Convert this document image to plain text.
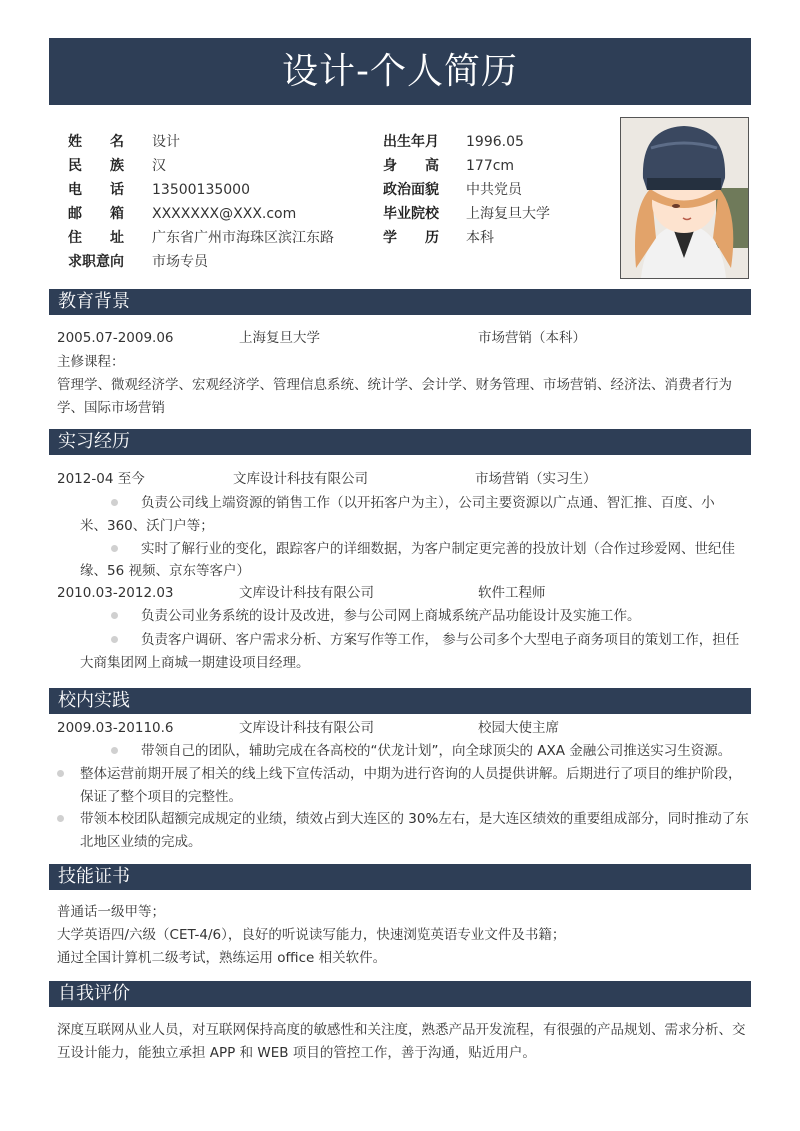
设计-个人简历
姓名 设计
民族 汉
电话 13500135000
邮箱 XXXXXXX@XXX.com
住址 广东省广州市海珠区滨江东路
求职意向 市场专员
出生年月 1996.05
身高 177cm
政治面貌 中共党员
毕业院校 上海复旦大学
学历 本科
教育背景
2005.07-2009.06	上海复旦大学	市场营销（本科）
主修课程：
管理学、微观经济学、宏观经济学、管理信息系统、统计学、会计学、财务管理、市场营销、经济法、消费者行为
学、国际市场营销
实习经历
2012-04 至今	文库设计科技有限公司	市场营销（实习生）
负责公司线上端资源的销售工作（以开拓客户为主），公司主要资源以广点通、智汇推、百度、小
米、360、沃门户等；
实时了解行业的变化，跟踪客户的详细数据，为客户制定更完善的投放计划（合作过珍爱网、世纪佳
缘、56 视频、京东等客户）
2010.03-2012.03	文库设计科技有限公司	软件工程师
负责公司业务系统的设计及改进，参与公司网上商城系统产品功能设计及实施工作。
负责客户调研、客户需求分析、方案写作等工作， 参与公司多个大型电子商务项目的策划工作，担任
大商集团网上商城一期建设项目经理。
校内实践
2009.03-20110.6	文库设计科技有限公司	校园大使主席
带领自己的团队，辅助完成在各高校的“伏龙计划”，向全球顶尖的 AXA 金融公司推送实习生资源。
整体运营前期开展了相关的线上线下宣传活动，中期为进行咨询的人员提供讲解。后期进行了项目的维护阶段，
保证了整个项目的完整性。
带领本校团队超额完成规定的业绩，绩效占到大连区的 30%左右，是大连区绩效的重要组成部分，同时推动了东
北地区业绩的完成。
技能证书
普通话一级甲等；
大学英语四/六级（CET-4/6），良好的听说读写能力，快速浏览英语专业文件及书籍；
通过全国计算机二级考试，熟练运用 office 相关软件。
自我评价
深度互联网从业人员，对互联网保持高度的敏感性和关注度，熟悉产品开发流程，有很强的产品规划、需求分析、交
互设计能力，能独立承担 APP 和 WEB 项目的管控工作，善于沟通，贴近用户。
